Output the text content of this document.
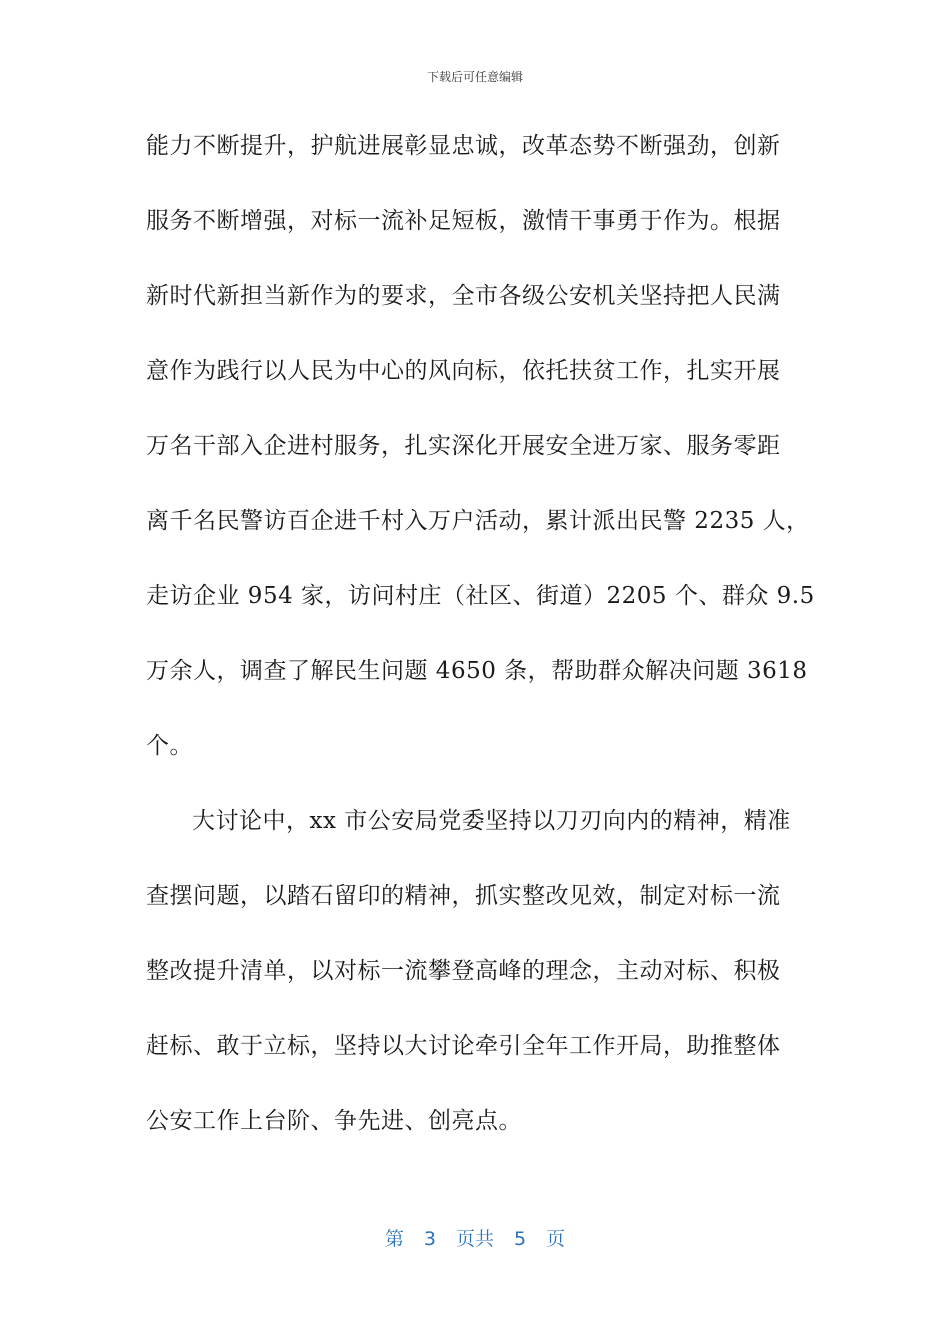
下载后可任意编辑
能力不断提升，护航进展彰显忠诚，改革态势不断强劲，创新
服务不断增强，对标一流补足短板，激情干事勇于作为。根据
新时代新担当新作为的要求，全市各级公安机关坚持把人民满
意作为践行以人民为中心的风向标，依托扶贫工作，扎实开展
万名干部入企进村服务，扎实深化开展安全进万家、服务零距
离千名民警访百企进千村入万户活动，累计派出民警 2235 人，
走访企业 954 家，访问村庄（社区、街道）2205 个、群众 9.5
万余人，调查了解民生问题 4650 条，帮助群众解决问题 3618
个。
大讨论中，xx 市公安局党委坚持以刀刃向内的精神，精准
查摆问题，以踏石留印的精神，抓实整改见效，制定对标一流
整改提升清单，以对标一流攀登高峰的理念，主动对标、积极
赶标、敢于立标，坚持以大讨论牵引全年工作开局，助推整体
公安工作上台阶、争先进、创亮点。
第 3 页共 5 页
